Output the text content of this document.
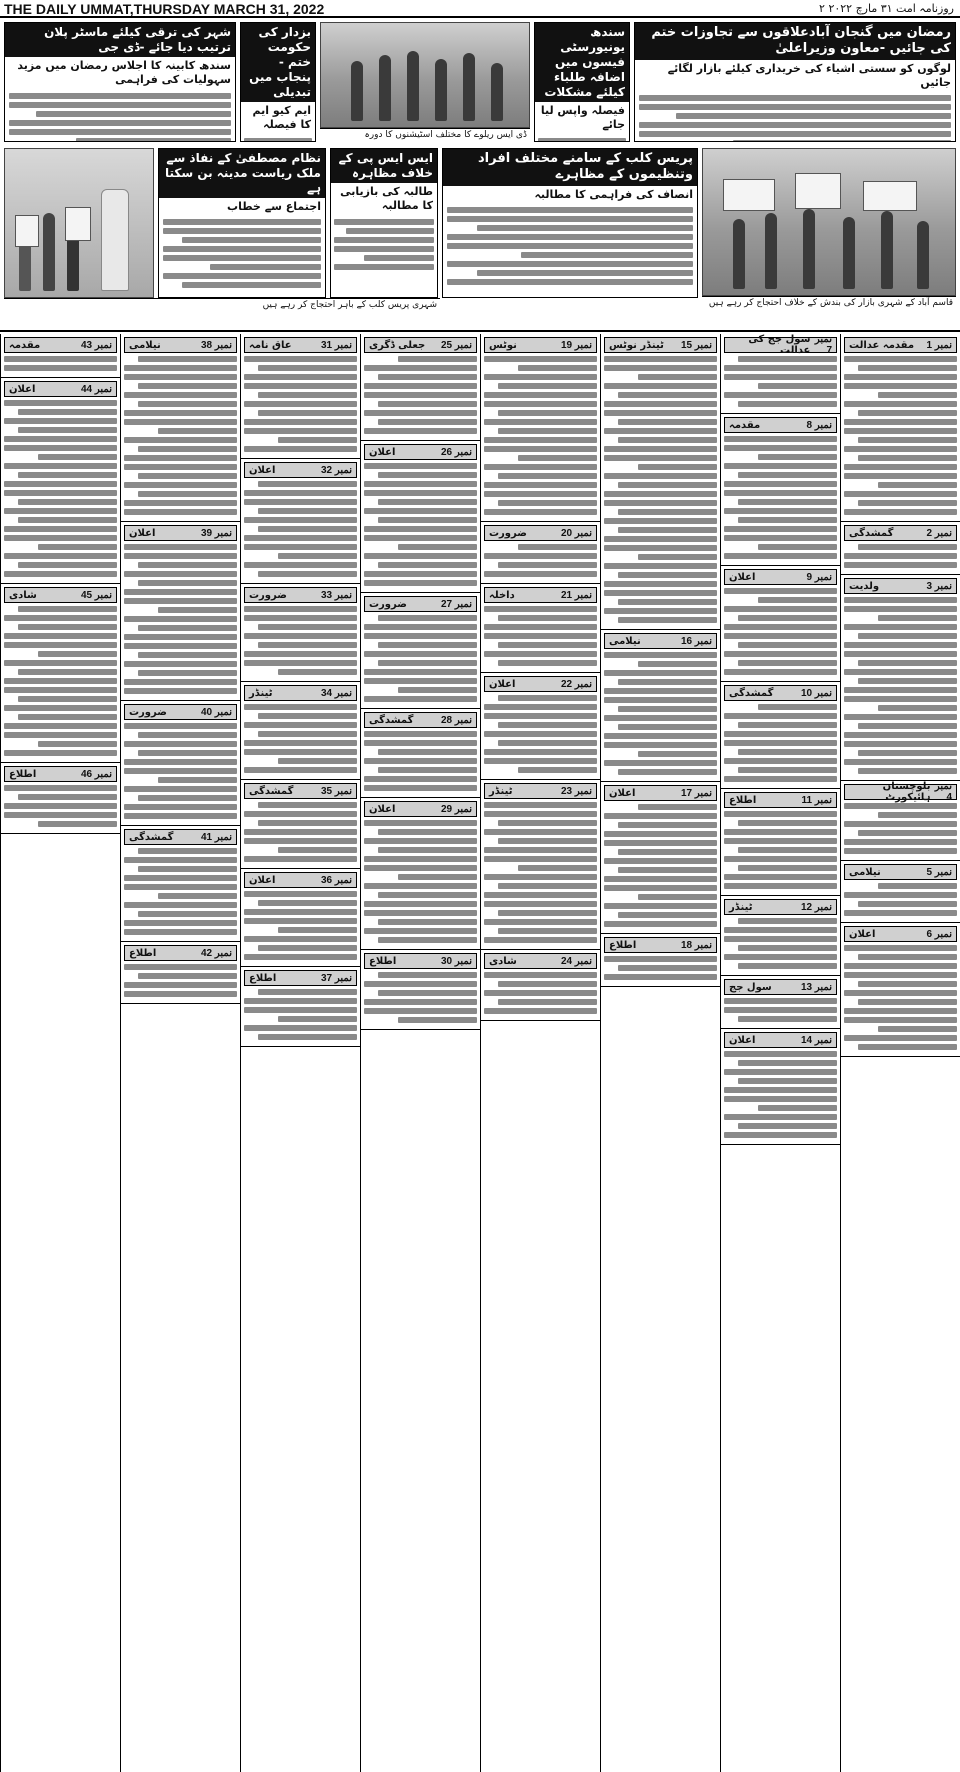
THE DAILY UMMAT,THURSDAY MARCH 31, 2022	روزنامہ امت ۳۱ مارچ ۲۰۲۲ ۲
شہر کی ترقی کیلئے ماسٹر پلان ترتیب دیا جائے -ڈی جی
سندھ کابینہ کا اجلاس رمضان میں مزید سہولیات کی فراہمی
بزدار کی حکومت ختم - پنجاب میں تبدیلی
ایم کیو ایم کا فیصلہ
ڈی ایس ریلوے کا مختلف اسٹیشنوں کا دورہ
سندھ یونیورسٹی فیسوں میں اضافہ طلباء کیلئے مشکلات
فیصلہ واپس لیا جائے
رمضان میں گنجان آبادعلاقوں سے تجاوزات ختم کی جائیں -معاون وزیراعلیٰ
لوگوں کو سستی اشیاء کی خریداری کیلئے بازار لگائے جائیں
نظام مصطفیٰ کے نفاذ سے ملک ریاست مدینہ بن سکتا ہے
اجتماع سے خطاب
ایس ایس پی کے خلاف مظاہرہ
طالبہ کی بازیابی کا مطالبہ
پریس کلب کے سامنے مختلف افراد وتنظیموں کے مظاہرے
انصاف کی فراہمی کا مطالبہ
قاسم آباد کے شہری بازار کی بندش کے خلاف احتجاج کر رہے ہیں
شہری پریس کلب کے باہر احتجاج کر رہے ہیں
نمبر 1
مقدمہ عدالت
نمبر 2
گمشدگی
نمبر 3
ولدیت
نمبر 4
بلوچستان ہائیکورٹ
نمبر 5
نیلامی
نمبر 6
اعلان
نمبر 7
سول جج کی عدالت
نمبر 8
مقدمہ
نمبر 9
اعلان
نمبر 10
گمشدگی
نمبر 11
اطلاع
نمبر 12
ٹینڈر
نمبر 13
سول جج
نمبر 14
اعلان
نمبر 15
ٹینڈر نوٹس
نمبر 16
نیلامی
نمبر 17
اعلان
نمبر 18
اطلاع
نمبر 19
نوٹس
نمبر 20
ضرورت
نمبر 21
داخلہ
نمبر 22
اعلان
نمبر 23
ٹینڈر
نمبر 24
شادی
نمبر 25
جعلی ڈگری
نمبر 26
اعلان
نمبر 27
ضرورت
نمبر 28
گمشدگی
نمبر 29
اعلان
نمبر 30
اطلاع
نمبر 31
عاق نامہ
نمبر 32
اعلان
نمبر 33
ضرورت
نمبر 34
ٹینڈر
نمبر 35
گمشدگی
نمبر 36
اعلان
نمبر 37
اطلاع
نمبر 38
نیلامی
نمبر 39
اعلان
نمبر 40
ضرورت
نمبر 41
گمشدگی
نمبر 42
اطلاع
نمبر 43
مقدمہ
نمبر 44
اعلان
نمبر 45
شادی
نمبر 46
اطلاع
